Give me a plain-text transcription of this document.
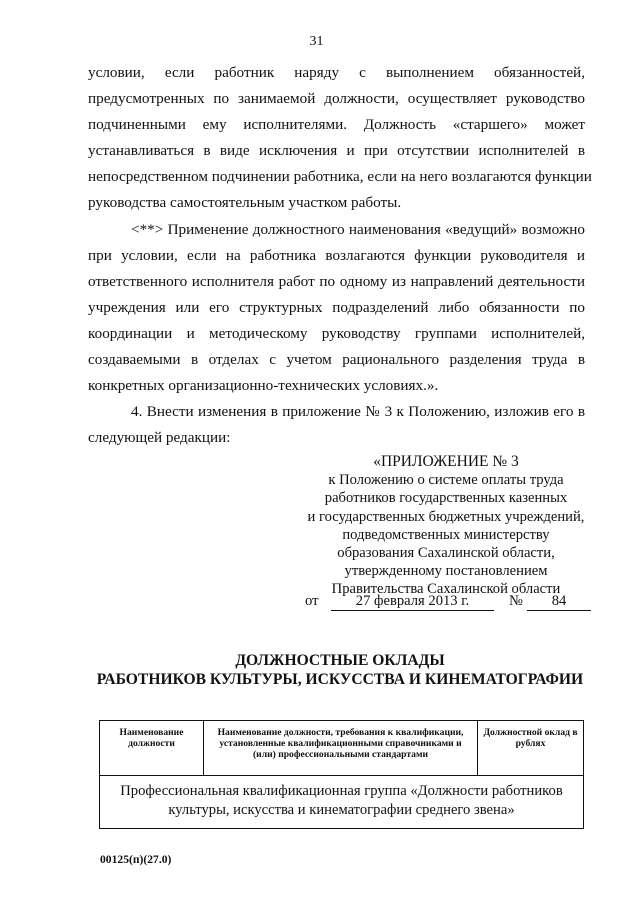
31
условии, если работник наряду с выполнением обязанностей,
предусмотренных по занимаемой должности, осуществляет руководство
подчиненными ему исполнителями. Должность «старшего» может
устанавливаться в виде исключения и при отсутствии исполнителей в
непосредственном подчинении работника, если на него возлагаются функции
руководства самостоятельным участком работы.
<**> Применение должностного наименования «ведущий» возможно
при условии, если на работника возлагаются функции руководителя и
ответственного исполнителя работ по одному из направлений деятельности
учреждения или его структурных подразделений либо обязанности по
координации и методическому руководству группами исполнителей,
создаваемыми в отделах с учетом рационального разделения труда в
конкретных организационно-технических условиях.».
4. Внести изменения в приложение № 3 к Положению, изложив его в
следующей редакции:
«ПРИЛОЖЕНИЕ № 3
к Положению о системе оплаты труда
работников государственных казенных
и государственных бюджетных учреждений,
подведомственных министерству
образования Сахалинской области,
утвержденному постановлением
Правительства Сахалинской области
от	27 февраля 2013 г.	№	84
ДОЛЖНОСТНЫЕ ОКЛАДЫ
РАБОТНИКОВ КУЛЬТУРЫ, ИСКУССТВА И КИНЕМАТОГРАФИИ
Наименование должности	Наименование должности, требования к квалификации, установленные квалификационными справочниками и (или) профессиональными стандартами	Должностной оклад в рублях
Профессиональная квалификационная группа «Должности работников культуры, искусства и кинематографии среднего звена»
00125(п)(27.0)
